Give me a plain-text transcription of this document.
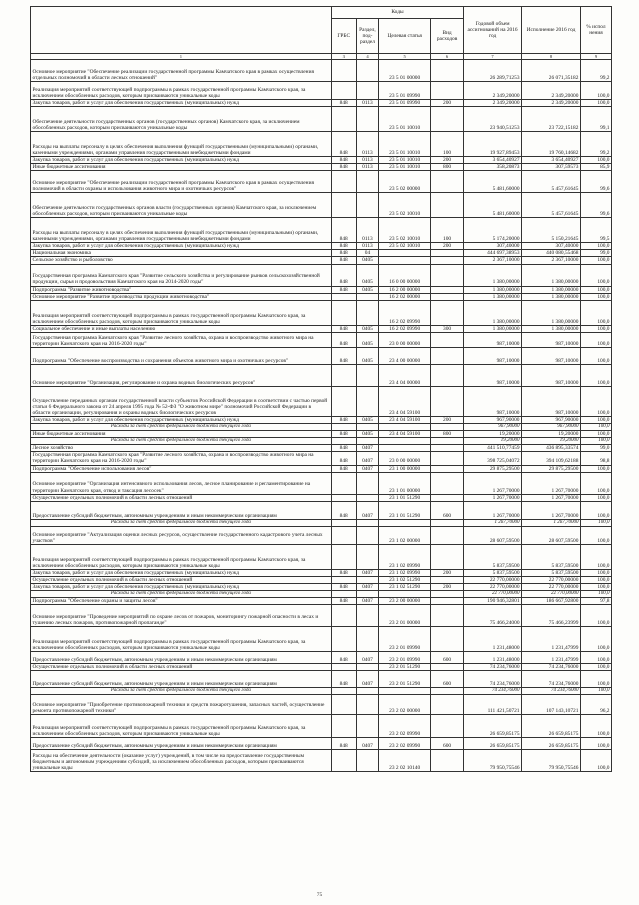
	Коды				Годовой объем ассигнований на 2016 год	Исполнение 2016 год	% испол нения
	ГРБС	Раздел, под-раздел	Целевая статья	Вид расходов			
1	3	4	5	6	7	8	9
Основное мероприятие "Обеспечение реализации государственной программы Камчатского края в рамках осуществления отдельных полномочий в области лесных отношений"			23 5 01 00000		26 289,71253	26 071,35182	99,2
Реализация мероприятий соответствующей подпрограммы в рамках государственной программы Камчатского края, за исключением обособленных расходов, которым присваиваются уникальные коды			23 5 01 09990		2 349,20000	2 349,20000	100,0
Закупка товаров, работ и услуг для обеспечения государственных (муниципальных) нужд	848	0113	23 5 01 09990	200	2 349,20000	2 349,20000	100,0
Обеспечение деятельности государственных органов (государственных органов) Камчатского края, за исключением обособленных расходов, которым присваиваются уникальные коды			23 5 01 10010		23 940,51253	23 722,15182	99,1
Расходы на выплаты персоналу в целях обеспечения выполнения функций государственными (муниципальными) органами, казенными учреждениями, органами управления государственными внебюджетными фондами	848	0113	23 5 01 10010	100	19 927,89453	19 760,14682	99,2
Закупка товаров, работ и услуг для обеспечения государственных (муниципальных) нужд	848	0113	23 5 01 10010	200	3 654,40927	3 654,40927	100,0
Иные бюджетные ассигнования	848	0113	23 5 01 10010	800	358,20873	307,59573	85,9
Основное мероприятие "Обеспечение реализации государственной программы Камчатского края в рамках осуществления полномочий в области охраны и использования животного мира и охотничьих ресурсов"			23 5 02 00000		5 481,60000	5 457,61645	99,6
Обеспечение деятельности государственных органов власти (государственных органов) Камчатского края, за исключением обособленных расходов, которым присваиваются уникальные коды			23 5 02 10010		5 481,60000	5 457,61645	99,6
Расходы на выплаты персоналу в целях обеспечения выполнения функций государственными (муниципальными) органами, казенными учреждениями, органами управления государственными внебюджетными фондами	848	0113	23 5 02 10010	100	5 174,20000	5 150,21645	99,5
Закупка товаров, работ и услуг для обеспечения государственных (муниципальных) нужд	848	0113	23 5 02 10010	200	307,40000	307,40000	100,0
Национальная экономика	848	04			444 697,38953	440 080,55468	99,0
Сельское хозяйство и рыболовство	848	0405			2 367,10000	2 367,10000	100,0
Государственная программа Камчатского края "Развитие сельского хозяйства и регулирование рынков сельскохозяйственной продукции, сырья и продовольствия Камчатского края на 2014-2020 годы"	848	0405	16 0 00 00000		1 380,00000	1 380,00000	100,0
Подпрограмма "Развитие животноводства"	848	0405	16 2 00 00000		1 380,00000	1 380,00000	100,0
Основное мероприятие "Развитие производства продукции животноводства"			16 2 02 00000		1 380,00000	1 380,00000	100,0
Реализация мероприятий соответствующей подпрограммы в рамках государственной программы Камчатского края, за исключением обособленных расходов, которым присваиваются уникальные коды			16 2 02 09990		1 380,00000	1 380,00000	100,0
Социальное обеспечение и иные выплаты населению	848	0405	16 2 02 09990	300	1 380,00000	1 380,00000	100,0
Государственная программа Камчатского края "Развитие лесного хозяйства, охрана и воспроизводство животного мира на территории Камчатского края на 2016-2020 годы"	848	0405	23 0 00 00000		987,10000	987,10000	100,0
Подпрограмма "Обеспечение воспроизводства и сохранения объектов животного мира и охотничьих ресурсов"	848	0405	23 4 00 00000		987,10000	987,10000	100,0
Основное мероприятие "Организация, регулирование и охрана водных биологических ресурсов"			23 4 04 00000		987,10000	987,10000	100,0
Осуществление переданных органам государственной власти субъектов Российской Федерации в соответствии с частью первой статьи 6 Федерального закона от 24 апреля 1995 года № 52-ФЗ "О животном мире" полномочий Российской Федерации в области организации, регулирования и охраны водных биологических ресурсов			23 4 04 59100		987,10000	987,10000	100,0
Закупка товаров, работ и услуг для обеспечения государственных (муниципальных) нужд	848	0405	23 4 04 59100	200	967,90000	967,90000	100,0
Расходы за счет средств федерального бюджета текущего года					967,90000	967,90000	100,0
Иные бюджетные ассигнования	848	0405	23 4 04 59100	800	19,20000	19,20000	100,0
Расходы за счет средств федерального бюджета текущего года					19,20000	19,20000	100,0
Лесное хозяйство	848	0407			441 510,77459	436 895,33574	99,0
Государственная программа Камчатского края "Развитие лесного хозяйства, охрана и воспроизводство животного мира на территории Камчатского края на 2016-2020 годы"	848	0407	23 0 00 00000		398 725,04072	394 109,62188	98,8
Подпрограмма "Обеспечение использования лесов"	848	0407	23 1 00 00000		29 875,29500	29 875,29500	100,0
Основное мероприятие "Организация интенсивного использования лесов, лесное планирование и регламентирование на территории Камчатского края, отвод и таксация лесосек"			23 1 01 00000		1 267,70000	1 267,70000	100,0
Осуществление отдельных полномочий в области лесных отношений			23 1 01 51290		1 267,70000	1 267,70000	100,0
Предоставление субсидий бюджетным, автономным учреждениям и иным некоммерческим организациям	848	0407	23 1 01 51290	600	1 267,70000	1 267,70000	100,0
Расходы за счет средств федерального бюджета текущего года					1 267,70000	1 267,70000	100,0
Основное мероприятие "Актуализация оценки лесных ресурсов, осуществление государственного кадастрового учета лесных участков"			23 1 02 00000		28 607,59500	28 607,59500	100,0
Реализация мероприятий соответствующей подпрограммы в рамках государственной программы Камчатского края, за исключением обособленных расходов, которым присваиваются уникальные коды			23 1 02 09990		5 837,59500	5 837,59500	100,0
Закупка товаров, работ и услуг для обеспечения государственных (муниципальных) нужд	848	0407	23 1 02 09990	200	5 837,59500	5 837,59500	100,0
Осуществление отдельных полномочий в области лесных отношений			23 1 02 51290		22 770,00000	22 770,00000	100,0
Закупка товаров, работ и услуг для обеспечения государственных (муниципальных) нужд	848	0407	23 1 02 51290	200	22 770,00000	22 770,00000	100,0
Расходы за счет средств федерального бюджета текущего года					22 770,00000	22 770,00000	100,0
Подпрограмма "Обеспечение охраны и защиты лесов"	848	0407	23 2 00 00000		190 946,32801	186 667,92800	97,8
Основное мероприятие "Проведение мероприятий по охране лесов от пожаров, мониторингу пожарной опасности в лесах и тушению лесных пожаров, противопожарной пропаганде"			23 2 01 00000		75 466,24000	75 466,23999	100,0
Реализация мероприятий соответствующей подпрограммы в рамках государственной программы Камчатского края, за исключением обособленных расходов, которым присваиваются уникальные коды			23 2 01 09990		1 231,48000	1 231,47999	100,0
Предоставление субсидий бюджетным, автономным учреждениям и иным некоммерческим организациям	848	0407	23 2 01 09990	600	1 231,48000	1 231,47999	100,0
Осуществление отдельных полномочий в области лесных отношений			23 2 01 51290		74 234,76000	74 234,76000	100,0
Предоставление субсидий бюджетным, автономным учреждениям и иным некоммерческим организациям	848	0407	23 2 01 51290	600	74 234,76000	74 234,76000	100,0
Расходы за счет средств федерального бюджета текущего года					74 234,76000	74 234,76000	100,0
Основное мероприятие "Приобретение противопожарной техники и средств пожаротушения, запасных частей, осуществление ремонта противопожарной техники"			23 2 02 00000		111 421,50721	107 143,10721	96,2
Реализация мероприятий соответствующей подпрограммы в рамках государственной программы Камчатского края, за исключением обособленных расходов, которым присваиваются уникальные коды			23 2 02 09990		26 659,85175	26 659,85175	100,0
Предоставление субсидий бюджетным, автономным учреждениям и иным некоммерческим организациям	848	0407	23 2 02 09990	600	26 659,85175	26 659,85175	100,0
Расходы на обеспечение деятельности (оказание услуг) учреждений, в том числе на предоставление государственным бюджетным и автономным учреждениям субсидий, за исключением обособленных расходов, которым присваиваются уникальные коды			23 2 02 10140		79 950,75546	79 950,75546	100,0
75
